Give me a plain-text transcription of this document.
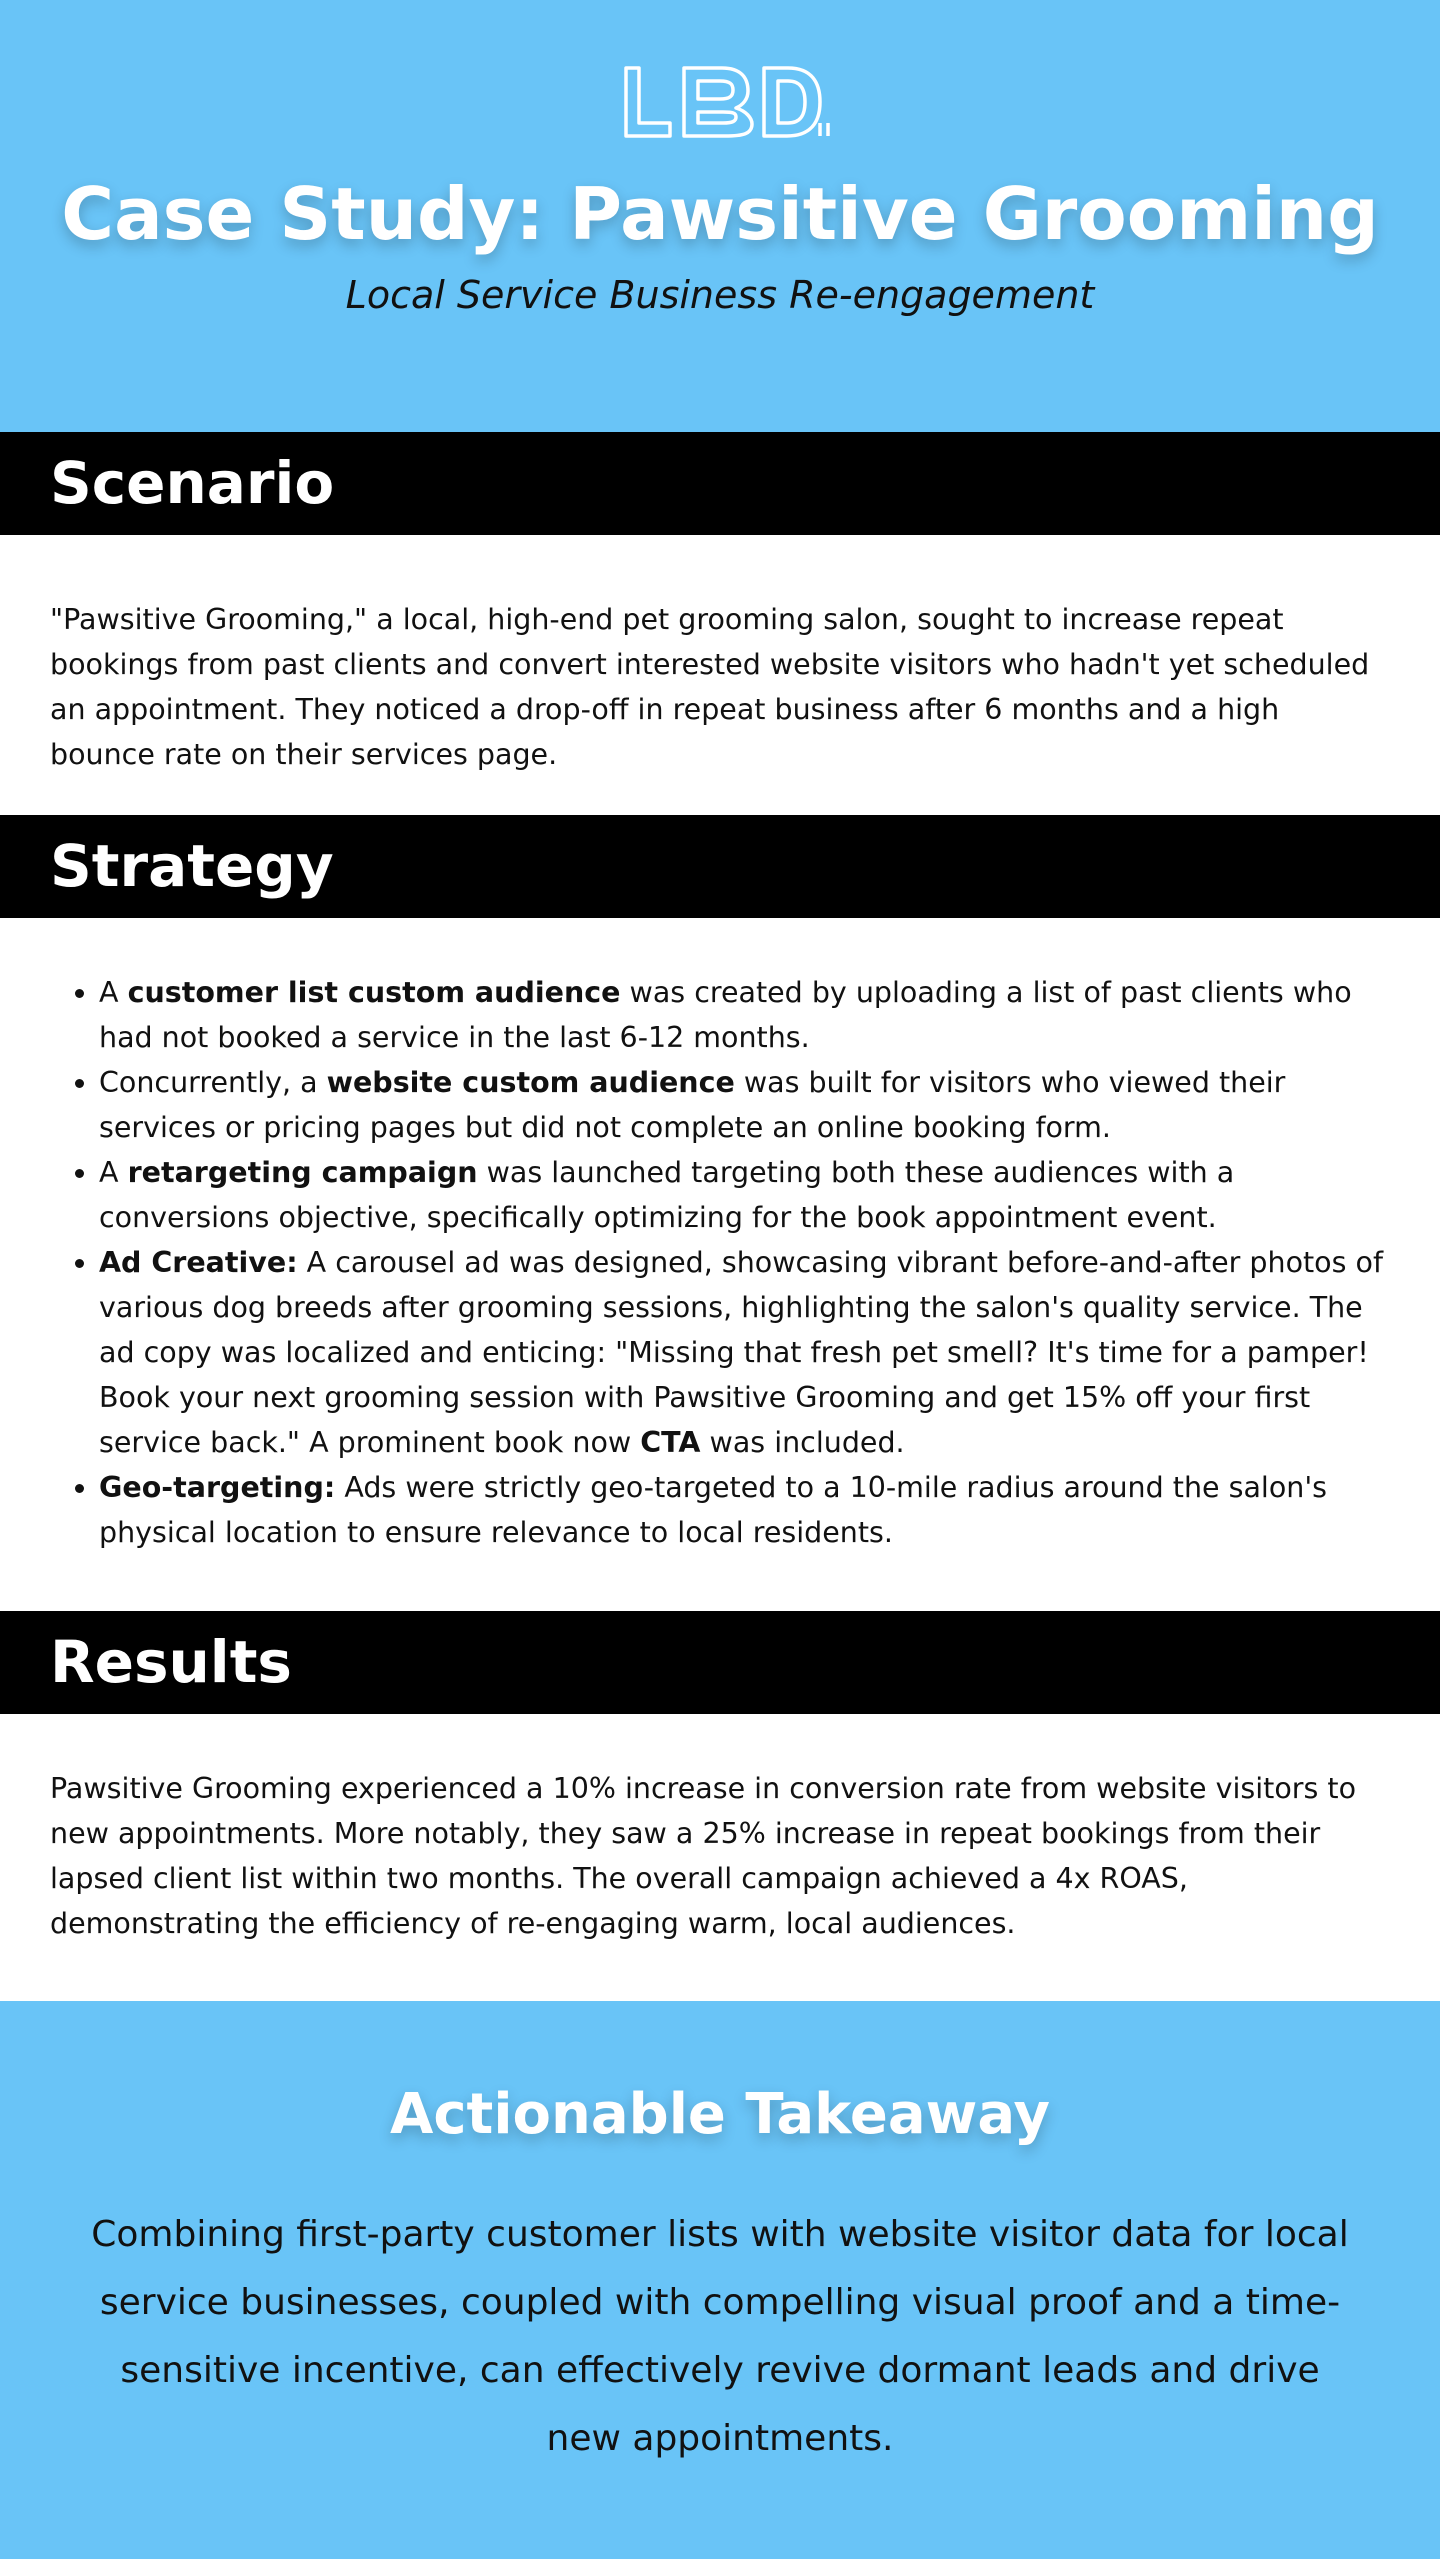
Case Study: Pawsitive Grooming
Local Service Business Re-engagement
Scenario

"Pawsitive Grooming," a local, high-end pet grooming salon, sought to increase repeat bookings from past clients and convert interested website visitors who hadn't yet scheduled an appointment. They noticed a drop-off in repeat business after 6 months and a high bounce rate on their services page.

Strategy
• A customer list custom audience was created by uploading a list of past clients who had not booked a service in the last 6-12 months.
• Concurrently, a website custom audience was built for visitors who viewed their services or pricing pages but did not complete an online booking form.
• A retargeting campaign was launched targeting both these audiences with a conversions objective, specifically optimizing for the book appointment event.
• Ad Creative: A carousel ad was designed, showcasing vibrant before-and-after photos of various dog breeds after grooming sessions, highlighting the salon's quality service. The ad copy was localized and enticing: "Missing that fresh pet smell? It's time for a pamper! Book your next grooming session with Pawsitive Grooming and get 15% off your first service back." A prominent book now CTA was included.
• Geo-targeting: Ads were strictly geo-targeted to a 10-mile radius around the salon's physical location to ensure relevance to local residents.
Results

Pawsitive Grooming experienced a 10% increase in conversion rate from website visitors to new appointments. More notably, they saw a 25% increase in repeat bookings from their lapsed client list within two months. The overall campaign achieved a 4x ROAS, demonstrating the efficiency of re-engaging warm, local audiences.

Actionable Takeaway

Combining first-party customer lists with website visitor data for local service businesses, coupled with compelling visual proof and a time-sensitive incentive, can effectively revive dormant leads and drive new appointments.
